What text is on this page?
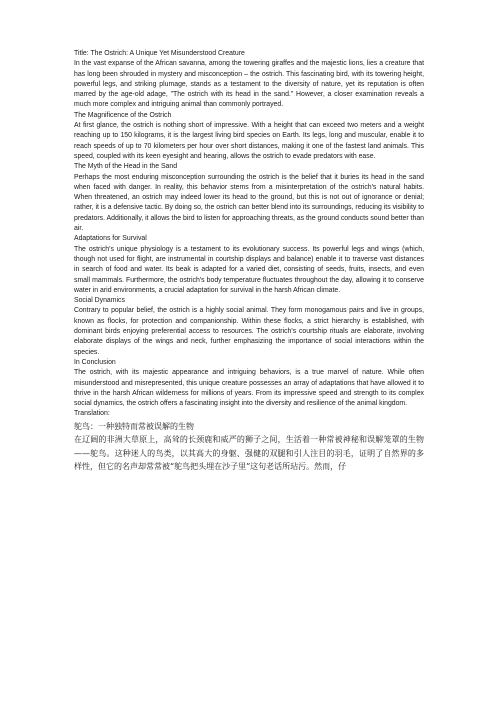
Title: The Ostrich: A Unique Yet Misunderstood Creature

In the vast expanse of the African savanna, among the towering giraffes and the majestic lions, lies a creature that has long been shrouded in mystery and misconception – the ostrich. This fascinating bird, with its towering height, powerful legs, and striking plumage, stands as a testament to the diversity of nature, yet its reputation is often marred by the age-old adage, "The ostrich with its head in the sand." However, a closer examination reveals a much more complex and intriguing animal than commonly portrayed.

The Magnificence of the Ostrich

At first glance, the ostrich is nothing short of impressive. With a height that can exceed two meters and a weight reaching up to 150 kilograms, it is the largest living bird species on Earth. Its legs, long and muscular, enable it to reach speeds of up to 70 kilometers per hour over short distances, making it one of the fastest land animals. This speed, coupled with its keen eyesight and hearing, allows the ostrich to evade predators with ease.

The Myth of the Head in the Sand

Perhaps the most enduring misconception surrounding the ostrich is the belief that it buries its head in the sand when faced with danger. In reality, this behavior stems from a misinterpretation of the ostrich's natural habits. When threatened, an ostrich may indeed lower its head to the ground, but this is not out of ignorance or denial; rather, it is a defensive tactic. By doing so, the ostrich can better blend into its surroundings, reducing its visibility to predators. Additionally, it allows the bird to listen for approaching threats, as the ground conducts sound better than air.

Adaptations for Survival

The ostrich's unique physiology is a testament to its evolutionary success. Its powerful legs and wings (which, though not used for flight, are instrumental in courtship displays and balance) enable it to traverse vast distances in search of food and water. Its beak is adapted for a varied diet, consisting of seeds, fruits, insects, and even small mammals. Furthermore, the ostrich's body temperature fluctuates throughout the day, allowing it to conserve water in arid environments, a crucial adaptation for survival in the harsh African climate.

Social Dynamics

Contrary to popular belief, the ostrich is a highly social animal. They form monogamous pairs and live in groups, known as flocks, for protection and companionship. Within these flocks, a strict hierarchy is established, with dominant birds enjoying preferential access to resources. The ostrich's courtship rituals are elaborate, involving elaborate displays of the wings and neck, further emphasizing the importance of social interactions within the species.

In Conclusion

The ostrich, with its majestic appearance and intriguing behaviors, is a true marvel of nature. While often misunderstood and misrepresented, this unique creature possesses an array of adaptations that have allowed it to thrive in the harsh African wilderness for millions of years. From its impressive speed and strength to its complex social dynamics, the ostrich offers a fascinating insight into the diversity and resilience of the animal kingdom.

Translation:

鸵鸟：一种独特而常被误解的生物

在辽阔的非洲大草原上，高耸的长颈鹿和威严的狮子之间，生活着一种常被神秘和误解笼罩的生物——鸵鸟。这种迷人的鸟类，以其高大的身躯、强健的双腿和引人注目的羽毛，证明了自然界的多样性，但它的名声却常常被“鸵鸟把头埋在沙子里”这句老话所玷污。然而，仔
